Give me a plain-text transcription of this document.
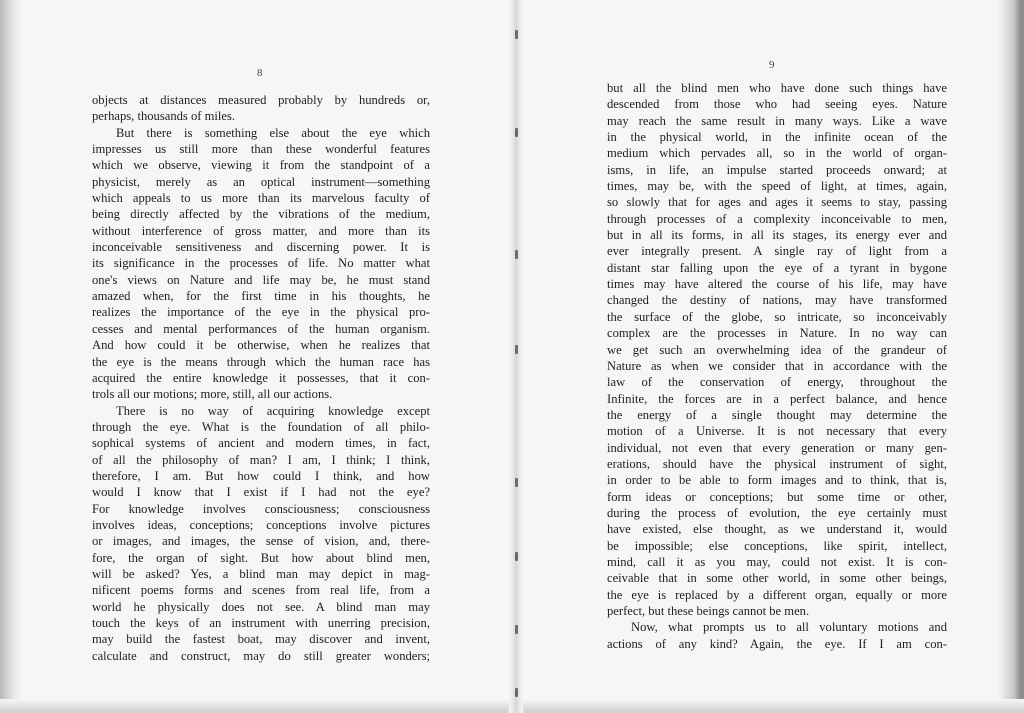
8

objects at distances measured probably by hundreds or,
perhaps, thousands of miles.

But there is something else about the eye which
impresses us still more than these wonderful features
which we observe, viewing it from the standpoint of a
physicist, merely as an optical instrument—something
which appeals to us more than its marvelous faculty of
being directly affected by the vibrations of the medium,
without interference of gross matter, and more than its
inconceivable sensitiveness and discerning power. It is
its significance in the processes of life. No matter what
one's views on Nature and life may be, he must stand
amazed when, for the first time in his thoughts, he
realizes the importance of the eye in the physical pro-
cesses and mental performances of the human organism.
And how could it be otherwise, when he realizes that
the eye is the means through which the human race has
acquired the entire knowledge it possesses, that it con-
trols all our motions; more, still, all our actions.

There is no way of acquiring knowledge except
through the eye. What is the foundation of all philo-
sophical systems of ancient and modern times, in fact,
of all the philosophy of man? I am, I think; I think,
therefore, I am. But how could I think, and how
would I know that I exist if I had not the eye?
For knowledge involves consciousness; consciousness
involves ideas, conceptions; conceptions involve pictures
or images, and images, the sense of vision, and, there-
fore, the organ of sight. But how about blind men,
will be asked? Yes, a blind man may depict in mag-
nificent poems forms and scenes from real life, from a
world he physically does not see. A blind man may
touch the keys of an instrument with unerring precision,
may build the fastest boat, may discover and invent,
calculate and construct, may do still greater wonders;

9

but all the blind men who have done such things have
descended from those who had seeing eyes. Nature
may reach the same result in many ways. Like a wave
in the physical world, in the infinite ocean of the
medium which pervades all, so in the world of organ-
isms, in life, an impulse started proceeds onward; at
times, may be, with the speed of light, at times, again,
so slowly that for ages and ages it seems to stay, passing
through processes of a complexity inconceivable to men,
but in all its forms, in all its stages, its energy ever and
ever integrally present. A single ray of light from a
distant star falling upon the eye of a tyrant in bygone
times may have altered the course of his life, may have
changed the destiny of nations, may have transformed
the surface of the globe, so intricate, so inconceivably
complex are the processes in Nature. In no way can
we get such an overwhelming idea of the grandeur of
Nature as when we consider that in accordance with the
law of the conservation of energy, throughout the
Infinite, the forces are in a perfect balance, and hence
the energy of a single thought may determine the
motion of a Universe. It is not necessary that every
individual, not even that every generation or many gen-
erations, should have the physical instrument of sight,
in order to be able to form images and to think, that is,
form ideas or conceptions; but some time or other,
during the process of evolution, the eye certainly must
have existed, else thought, as we understand it, would
be impossible; else conceptions, like spirit, intellect,
mind, call it as you may, could not exist. It is con-
ceivable that in some other world, in some other beings,
the eye is replaced by a different organ, equally or more
perfect, but these beings cannot be men.

Now, what prompts us to all voluntary motions and
actions of any kind? Again, the eye. If I am con-
